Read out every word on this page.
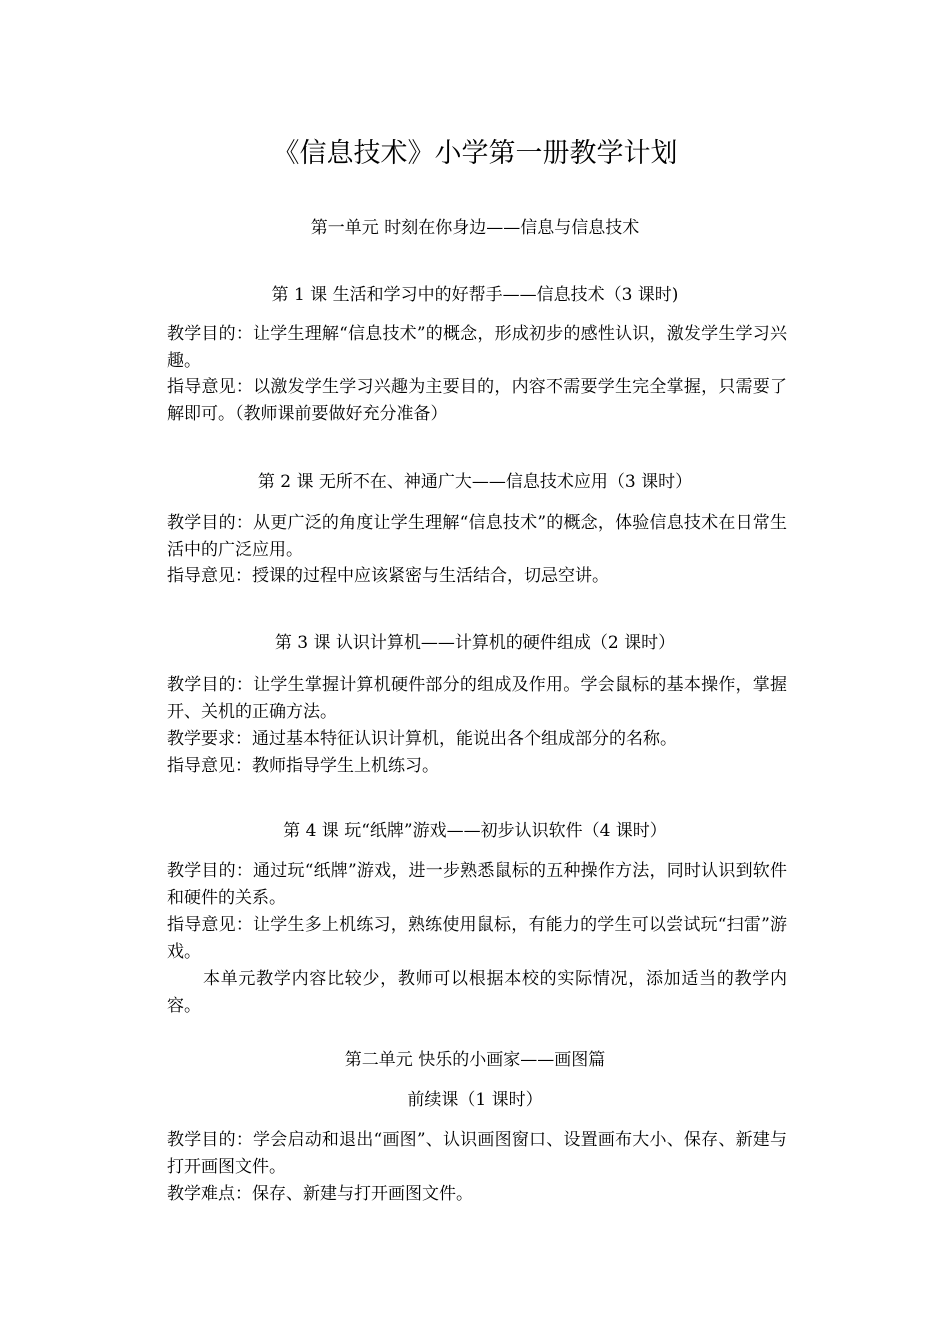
《信息技术》小学第一册教学计划

第一单元 时刻在你身边——信息与信息技术

第 1 课 生活和学习中的好帮手——信息技术（3 课时)

教学目的：让学生理解“信息技术”的概念，形成初步的感性认识，激发学生学习兴趣。

指导意见：以激发学生学习兴趣为主要目的，内容不需要学生完全掌握，只需要了解即可。（教师课前要做好充分准备）

第 2 课 无所不在、神通广大——信息技术应用（3 课时）

教学目的：从更广泛的角度让学生理解“信息技术”的概念，体验信息技术在日常生活中的广泛应用。

指导意见：授课的过程中应该紧密与生活结合，切忌空讲。

第 3 课 认识计算机——计算机的硬件组成（2 课时）

教学目的：让学生掌握计算机硬件部分的组成及作用。学会鼠标的基本操作，掌握开、关机的正确方法。

教学要求：通过基本特征认识计算机，能说出各个组成部分的名称。

指导意见：教师指导学生上机练习。

第 4 课 玩“纸牌”游戏——初步认识软件（4 课时）

教学目的：通过玩“纸牌”游戏，进一步熟悉鼠标的五种操作方法，同时认识到软件和硬件的关系。

指导意见：让学生多上机练习，熟练使用鼠标，有能力的学生可以尝试玩“扫雷”游戏。

本单元教学内容比较少，教师可以根据本校的实际情况，添加适当的教学内容。

第二单元 快乐的小画家——画图篇

前续课（1 课时）

教学目的：学会启动和退出“画图”、认识画图窗口、设置画布大小、保存、新建与打开画图文件。

教学难点：保存、新建与打开画图文件。
